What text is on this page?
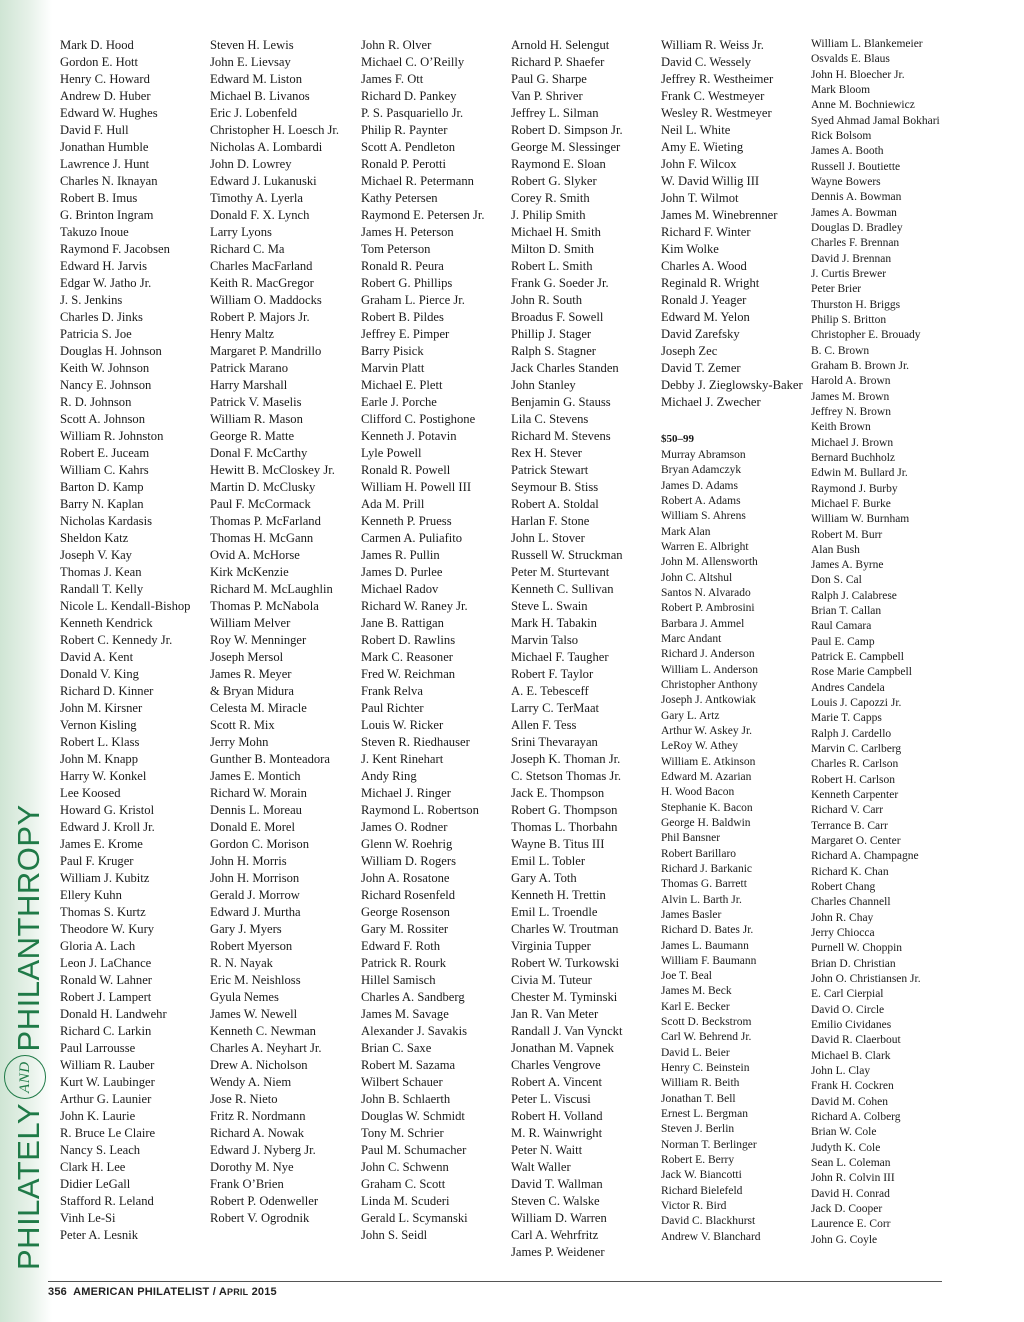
PHILATELYANDPHILANTHROPY

Mark D. Hood

Gordon E. Hott

Henry C. Howard

Andrew D. Huber

Edward W. Hughes

David F. Hull

Jonathan Humble

Lawrence J. Hunt

Charles N. Iknayan

Robert B. Imus

G. Brinton Ingram

Takuzo Inoue

Raymond F. Jacobsen

Edward H. Jarvis

Edgar W. Jatho Jr.

J. S. Jenkins

Charles D. Jinks

Patricia S. Joe

Douglas H. Johnson

Keith W. Johnson

Nancy E. Johnson

R. D. Johnson

Scott A. Johnson

William R. Johnston

Robert E. Juceam

William C. Kahrs

Barton D. Kamp

Barry N. Kaplan

Nicholas Kardasis

Sheldon Katz

Joseph V. Kay

Thomas J. Kean

Randall T. Kelly

Nicole L. Kendall-Bishop

Kenneth Kendrick

Robert C. Kennedy Jr.

David A. Kent

Donald V. King

Richard D. Kinner

John M. Kirsner

Vernon Kisling

Robert L. Klass

John M. Knapp

Harry W. Konkel

Lee Koosed

Howard G. Kristol

Edward J. Kroll Jr.

James E. Krome

Paul F. Kruger

William J. Kubitz

Ellery Kuhn

Thomas S. Kurtz

Theodore W. Kury

Gloria A. Lach

Leon J. LaChance

Ronald W. Lahner

Robert J. Lampert

Donald H. Landwehr

Richard C. Larkin

Paul Larrousse

William R. Lauber

Kurt W. Laubinger

Arthur G. Launier

John K. Laurie

R. Bruce Le Claire

Nancy S. Leach

Clark H. Lee

Didier LeGall

Stafford R. Leland

Vinh Le-Si

Peter A. Lesnik

Steven H. Lewis

John E. Lievsay

Edward M. Liston

Michael B. Livanos

Eric J. Lobenfeld

Christopher H. Loesch Jr.

Nicholas A. Lombardi

John D. Lowrey

Edward J. Lukanuski

Timothy A. Lyerla

Donald F. X. Lynch

Larry Lyons

Richard C. Ma

Charles MacFarland

Keith R. MacGregor

William O. Maddocks

Robert P. Majors Jr.

Henry Maltz

Margaret P. Mandrillo

Patrick Marano

Harry Marshall

Patrick V. Maselis

William R. Mason

George R. Matte

Donal F. McCarthy

Hewitt B. McCloskey Jr.

Martin D. McClusky

Paul F. McCormack

Thomas P. McFarland

Thomas H. McGann

Ovid A. McHorse

Kirk McKenzie

Richard M. McLaughlin

Thomas P. McNabola

William Melver

Roy W. Menninger

Joseph Mersol

James R. Meyer

& Bryan Midura

Celesta M. Miracle

Scott R. Mix

Jerry Mohn

Gunther B. Monteadora

James E. Montich

Richard W. Morain

Dennis L. Moreau

Donald E. Morel

Gordon C. Morison

John H. Morris

John H. Morrison

Gerald J. Morrow

Edward J. Murtha

Gary J. Myers

Robert Myerson

R. N. Nayak

Eric M. Neishloss

Gyula Nemes

James W. Newell

Kenneth C. Newman

Charles A. Neyhart Jr.

Drew A. Nicholson

Wendy A. Niem

Jose R. Nieto

Fritz R. Nordmann

Richard A. Nowak

Edward J. Nyberg Jr.

Dorothy M. Nye

Frank O’Brien

Robert P. Odenweller

Robert V. Ogrodnik

John R. Olver

Michael C. O’Reilly

James F. Ott

Richard D. Pankey

P. S. Pasquariello Jr.

Philip R. Paynter

Scott A. Pendleton

Ronald P. Perotti

Michael R. Petermann

Kathy Petersen

Raymond E. Petersen Jr.

James H. Peterson

Tom Peterson

Ronald R. Peura

Robert G. Phillips

Graham L. Pierce Jr.

Robert B. Pildes

Jeffrey E. Pimper

Barry Pisick

Marvin Platt

Michael E. Plett

Earle J. Porche

Clifford C. Postighone

Kenneth J. Potavin

Lyle Powell

Ronald R. Powell

William H. Powell III

Ada M. Prill

Kenneth P. Pruess

Carmen A. Puliafito

James R. Pullin

James D. Purlee

Michael Radov

Richard W. Raney Jr.

Jane B. Rattigan

Robert D. Rawlins

Mark C. Reasoner

Fred W. Reichman

Frank Relva

Paul Richter

Louis W. Ricker

Steven R. Riedhauser

J. Kent Rinehart

Andy Ring

Michael J. Ringer

Raymond L. Robertson

James O. Rodner

Glenn W. Roehrig

William D. Rogers

John A. Rosatone

Richard Rosenfeld

George Rosenson

Gary M. Rossiter

Edward F. Roth

Patrick R. Rourk

Hillel Samisch

Charles A. Sandberg

James M. Savage

Alexander J. Savakis

Brian C. Saxe

Robert M. Sazama

Wilbert Schauer

John B. Schlaerth

Douglas W. Schmidt

Tony M. Schrier

Paul M. Schumacher

John C. Schwenn

Graham C. Scott

Linda M. Scuderi

Gerald L. Scymanski

John S. Seidl

Arnold H. Selengut

Richard P. Shaefer

Paul G. Sharpe

Van P. Shriver

Jeffrey L. Silman

Robert D. Simpson Jr.

George M. Slessinger

Raymond E. Sloan

Robert G. Slyker

Corey R. Smith

J. Philip Smith

Michael H. Smith

Milton D. Smith

Robert L. Smith

Frank G. Soeder Jr.

John R. South

Broadus F. Sowell

Phillip J. Stager

Ralph S. Stagner

Jack Charles Standen

John Stanley

Benjamin G. Stauss

Lila C. Stevens

Richard M. Stevens

Rex H. Stever

Patrick Stewart

Seymour B. Stiss

Robert A. Stoldal

Harlan F. Stone

John L. Stover

Russell W. Struckman

Peter M. Sturtevant

Kenneth C. Sullivan

Steve L. Swain

Mark H. Tabakin

Marvin Talso

Michael F. Taugher

Robert F. Taylor

A. E. Tebesceff

Larry C. TerMaat

Allen F. Tess

Srini Thevarayan

Joseph K. Thoman Jr.

C. Stetson Thomas Jr.

Jack E. Thompson

Robert G. Thompson

Thomas L. Thorbahn

Wayne B. Titus III

Emil L. Tobler

Gary A. Toth

Kenneth H. Trettin

Emil L. Troendle

Charles W. Troutman

Virginia Tupper

Robert W. Turkowski

Civia M. Tuteur

Chester M. Tyminski

Jan R. Van Meter

Randall J. Van Vynckt

Jonathan M. Vapnek

Charles Vengrove

Robert A. Vincent

Peter L. Viscusi

Robert H. Volland

M. R. Wainwright

Peter N. Waitt

Walt Waller

David T. Wallman

Steven C. Walske

William D. Warren

Carl A. Wehrfritz

James P. Weidener

William R. Weiss Jr.

David C. Wessely

Jeffrey R. Westheimer

Frank C. Westmeyer

Wesley R. Westmeyer

Neil L. White

Amy E. Wieting

John F. Wilcox

W. David Willig III

John T. Wilmot

James M. Winebrenner

Richard F. Winter

Kim Wolke

Charles A. Wood

Reginald R. Wright

Ronald J. Yeager

Edward M. Yelon

David Zarefsky

Joseph Zec

David T. Zemer

Debby J. Zieglowsky-Baker

Michael J. Zwecher

$50–99

Murray Abramson

Bryan Adamczyk

James D. Adams

Robert A. Adams

William S. Ahrens

Mark Alan

Warren E. Albright

John M. Allensworth

John C. Altshul

Santos N. Alvarado

Robert P. Ambrosini

Barbara J. Ammel

Marc Andant

Richard J. Anderson

William L. Anderson

Christopher Anthony

Joseph J. Antkowiak

Gary L. Artz

Arthur W. Askey Jr.

LeRoy W. Athey

William E. Atkinson

Edward M. Azarian

H. Wood Bacon

Stephanie K. Bacon

George H. Baldwin

Phil Bansner

Robert Barillaro

Richard J. Barkanic

Thomas G. Barrett

Alvin L. Barth Jr.

James Basler

Richard D. Bates Jr.

James L. Baumann

William F. Baumann

Joe T. Beal

James M. Beck

Karl E. Becker

Scott D. Beckstrom

Carl W. Behrend Jr.

David L. Beier

Henry C. Beinstein

William R. Beith

Jonathan T. Bell

Ernest L. Bergman

Steven J. Berlin

Norman T. Berlinger

Robert E. Berry

Jack W. Biancotti

Richard Bielefeld

Victor R. Bird

David C. Blackhurst

Andrew V. Blanchard

William L. Blankemeier

Osvalds E. Blaus

John H. Bloecher Jr.

Mark Bloom

Anne M. Bochniewicz

Syed Ahmad Jamal Bokhari

Rick Bolsom

James A. Booth

Russell J. Boutiette

Wayne Bowers

Dennis A. Bowman

James A. Bowman

Douglas D. Bradley

Charles F. Brennan

David J. Brennan

J. Curtis Brewer

Peter Brier

Thurston H. Briggs

Philip S. Britton

Christopher E. Brouady

B. C. Brown

Graham B. Brown Jr.

Harold A. Brown

James M. Brown

Jeffrey N. Brown

Keith Brown

Michael J. Brown

Bernard Buchholz

Edwin M. Bullard Jr.

Raymond J. Burby

Michael F. Burke

William W. Burnham

Robert M. Burr

Alan Bush

James A. Byrne

Don S. Cal

Ralph J. Calabrese

Brian T. Callan

Raul Camara

Paul E. Camp

Patrick E. Campbell

Rose Marie Campbell

Andres Candela

Louis J. Capozzi Jr.

Marie T. Capps

Ralph J. Cardello

Marvin C. Carlberg

Charles R. Carlson

Robert H. Carlson

Kenneth Carpenter

Richard V. Carr

Terrance B. Carr

Margaret O. Center

Richard A. Champagne

Richard K. Chan

Robert Chang

Charles Channell

John R. Chay

Jerry Chiocca

Purnell W. Choppin

Brian D. Christian

John O. Christiansen Jr.

E. Carl Cierpial

David O. Circle

Emilio Cividanes

David R. Claerbout

Michael B. Clark

John L. Clay

Frank H. Cockren

David M. Cohen

Richard A. Colberg

Brian W. Cole

Judyth K. Cole

Sean L. Coleman

John R. Colvin III

David H. Conrad

Jack D. Cooper

Laurence E. Corr

John G. Coyle

356 AMERICAN PHILATELIST / APRIL 2015
